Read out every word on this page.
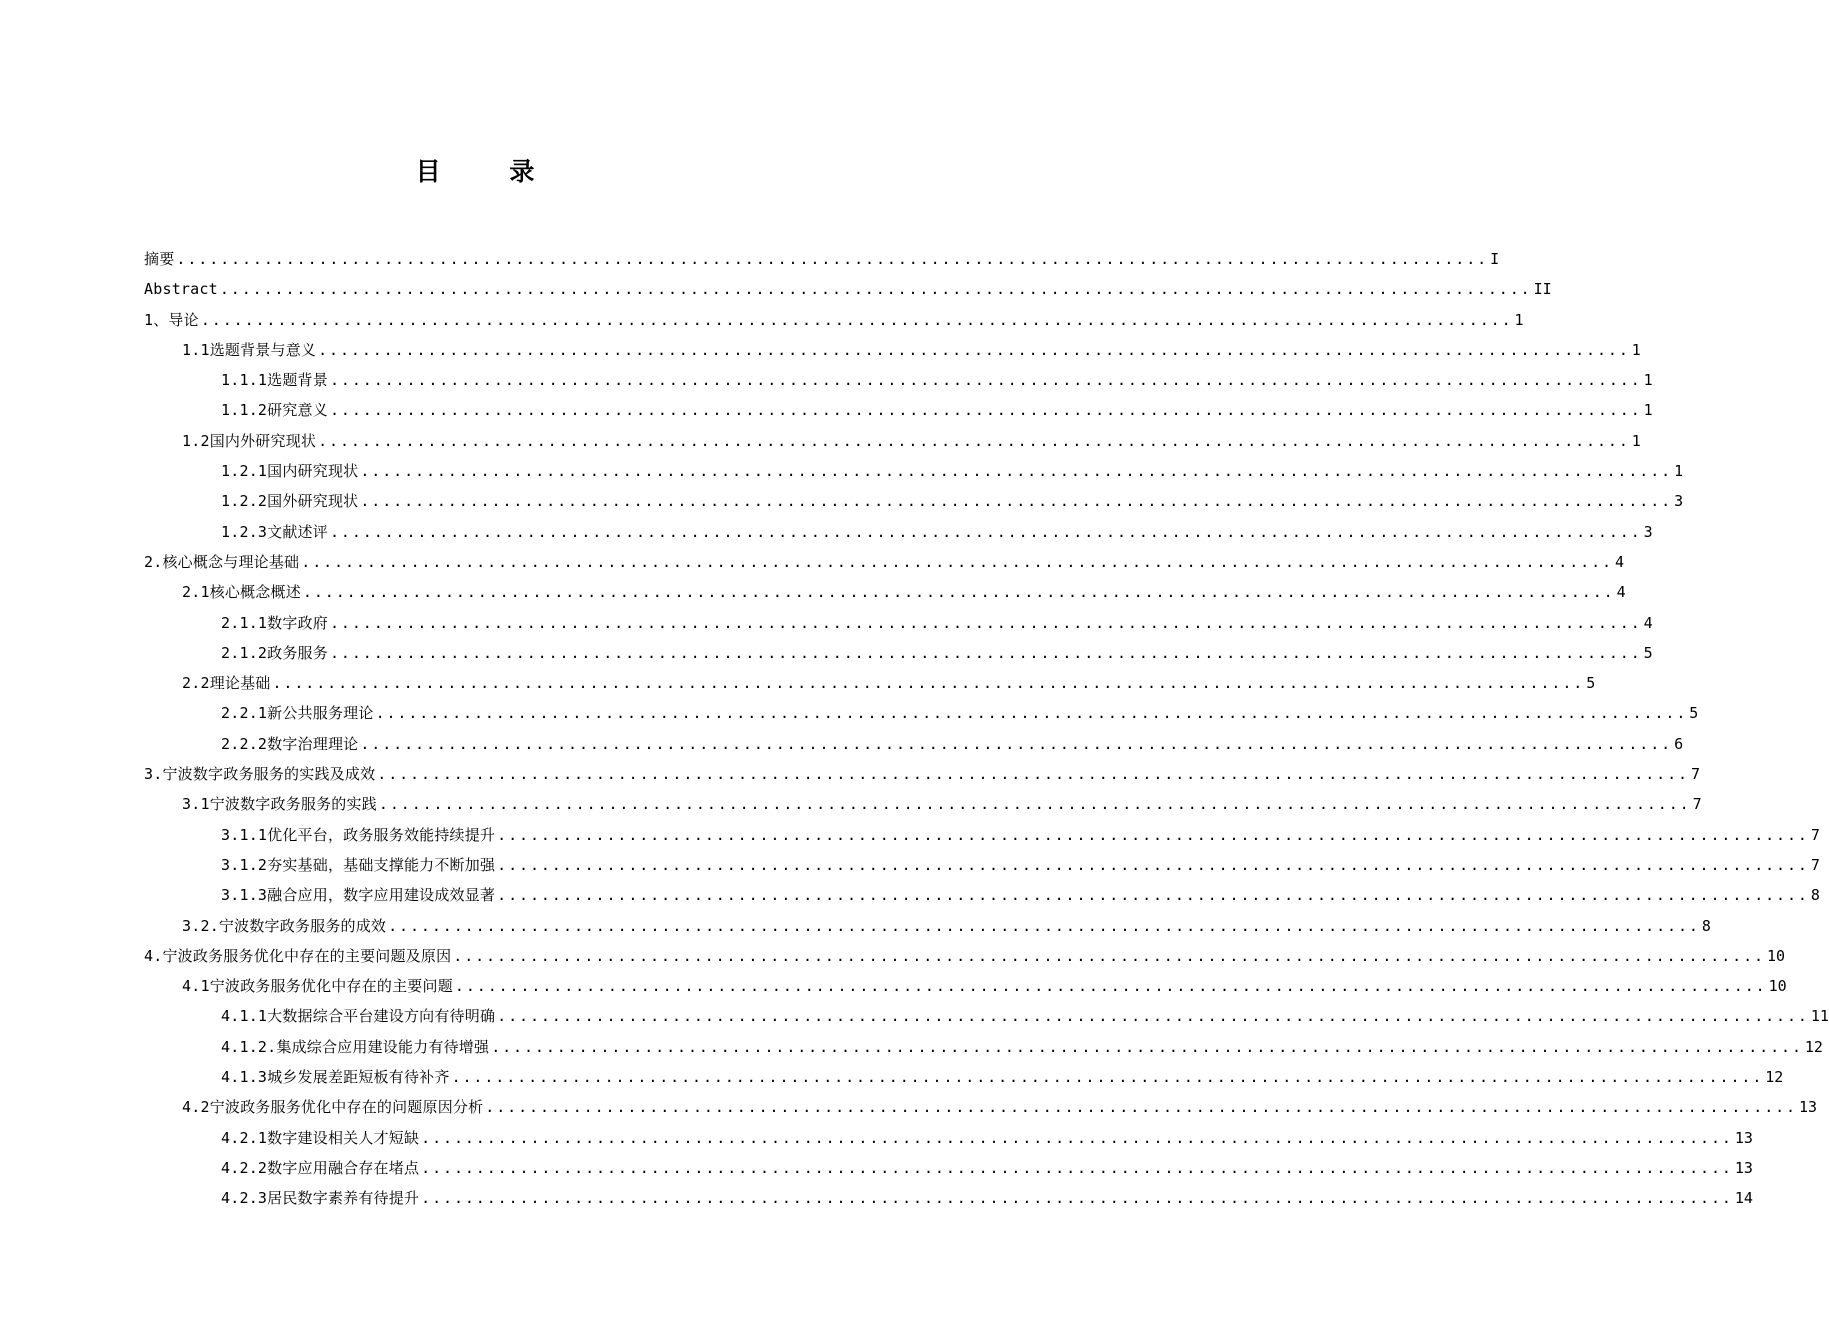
目 录
摘要 ........................................................................................................................ I
Abstract ........................................................................................................................ II
1、导论 ........................................................................................................................ 1
1.1选题背景与意义 ........................................................................................................................ 1
1.1.1选题背景 ........................................................................................................................ 1
1.1.2研究意义 ........................................................................................................................ 1
1.2国内外研究现状 ........................................................................................................................ 1
1.2.1国内研究现状 ........................................................................................................................ 1
1.2.2国外研究现状 ........................................................................................................................ 3
1.2.3文献述评 ........................................................................................................................ 3
2.核心概念与理论基础 ........................................................................................................................ 4
2.1核心概念概述 ........................................................................................................................ 4
2.1.1数字政府 ........................................................................................................................ 4
2.1.2政务服务 ........................................................................................................................ 5
2.2理论基础 ........................................................................................................................ 5
2.2.1新公共服务理论 ........................................................................................................................ 5
2.2.2数字治理理论 ........................................................................................................................ 6
3.宁波数字政务服务的实践及成效 ........................................................................................................................ 7
3.1宁波数字政务服务的实践 ........................................................................................................................ 7
3.1.1优化平台，政务服务效能持续提升 ........................................................................................................................ 7
3.1.2夯实基础，基础支撑能力不断加强 ........................................................................................................................ 7
3.1.3融合应用，数字应用建设成效显著 ........................................................................................................................ 8
3.2.宁波数字政务服务的成效 ........................................................................................................................ 8
4.宁波政务服务优化中存在的主要问题及原因 ........................................................................................................................ 10
4.1宁波政务服务优化中存在的主要问题 ........................................................................................................................ 10
4.1.1大数据综合平台建设方向有待明确 ........................................................................................................................ 11
4.1.2.集成综合应用建设能力有待增强 ........................................................................................................................ 12
4.1.3城乡发展差距短板有待补齐 ........................................................................................................................ 12
4.2宁波政务服务优化中存在的问题原因分析 ........................................................................................................................ 13
4.2.1数字建设相关人才短缺 ........................................................................................................................ 13
4.2.2数字应用融合存在堵点 ........................................................................................................................ 13
4.2.3居民数字素养有待提升 ........................................................................................................................ 14
